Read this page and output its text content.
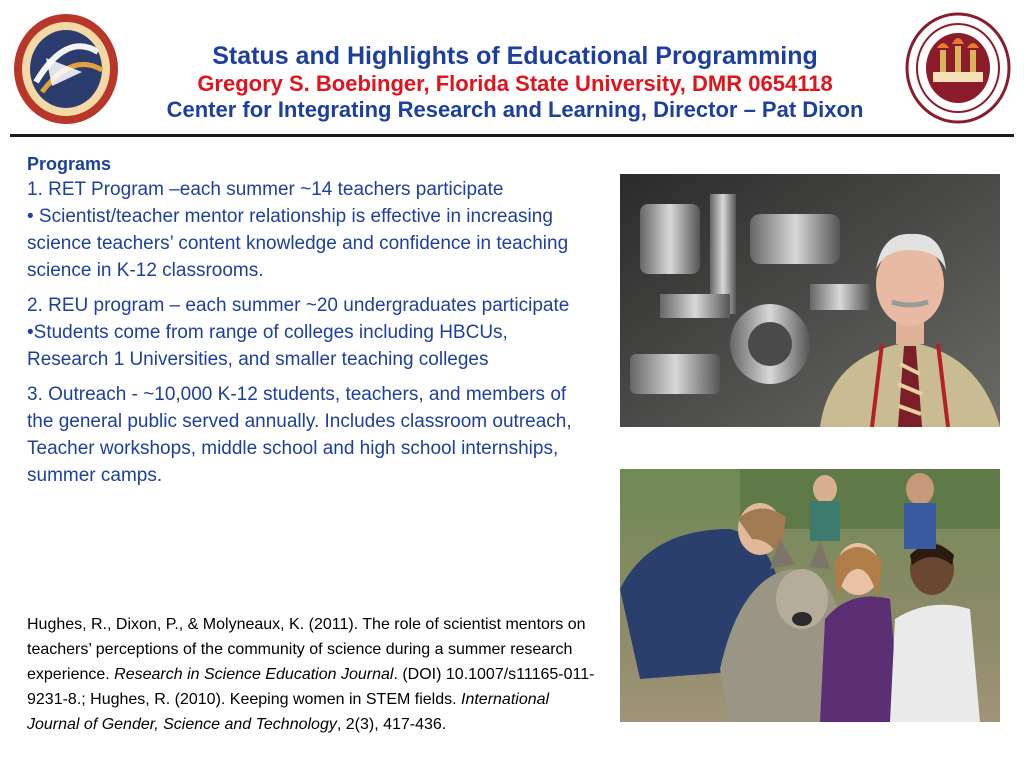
Status and Highlights of Educational Programming
Gregory S. Boebinger, Florida State University, DMR 0654118
Center for Integrating Research and Learning, Director – Pat Dixon

Programs

1. RET Program –each summer ~14 teachers participate

• Scientist/teacher mentor relationship is effective in increasing science teachers’ content knowledge and confidence in teaching science in K-12 classrooms.

2. REU program – each summer ~20 undergraduates participate

•Students come from range of colleges including HBCUs, Research 1 Universities, and smaller teaching colleges

3. Outreach - ~10,000 K-12 students, teachers, and members of the general public served annually. Includes classroom outreach, Teacher workshops, middle school and high school internships, summer camps.

Hughes, R., Dixon, P., & Molyneaux, K. (2011). The role of scientist mentors on teachers’ perceptions of the community of science during a summer research experience. Research in Science Education Journal. (DOI) 10.1007/s11165-011-9231-8.; Hughes, R. (2010). Keeping women in STEM fields. International Journal of Gender, Science and Technology, 2(3), 417-436.
